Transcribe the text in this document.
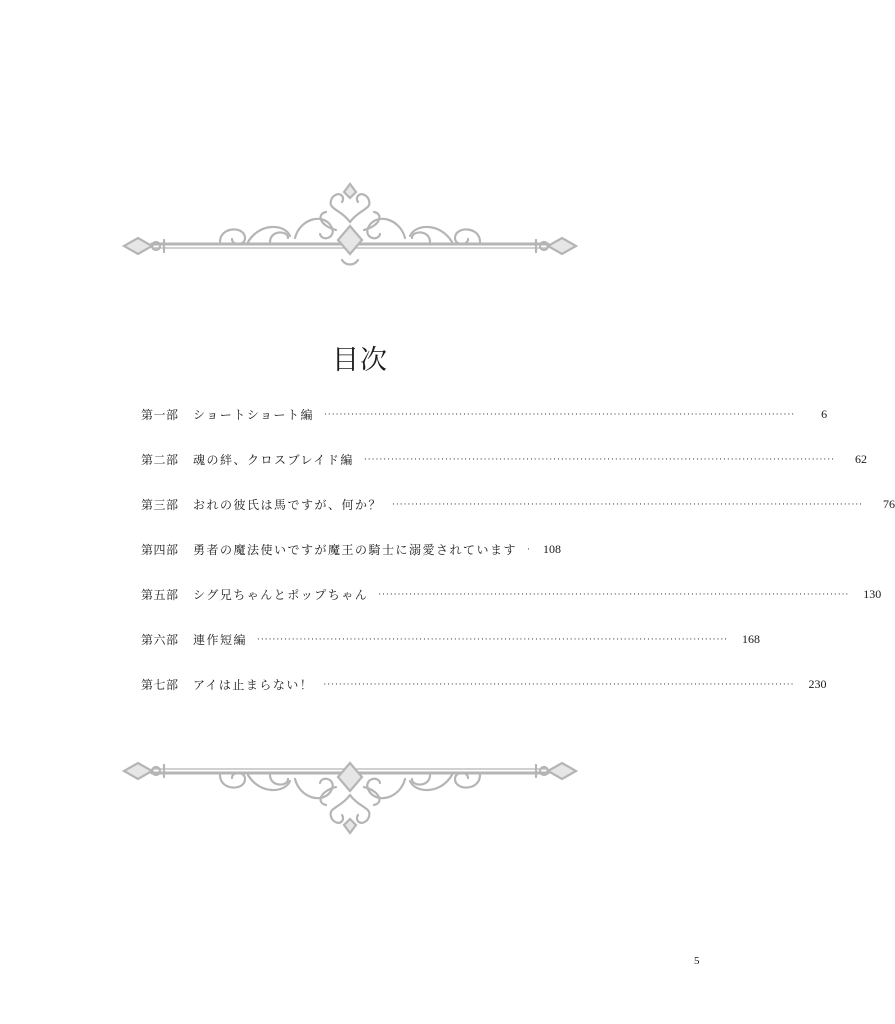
目次
第一部	ショートショート編 ··························································································································	6
第二部	魂の絆、クロスブレイド編 ··························································································································	62
第三部	おれの彼氏は馬ですが、何か？ ··························································································································	76
第四部	勇者の魔法使いですが魔王の騎士に溺愛されています	108
第五部	シグ兄ちゃんとポップちゃん ··························································································································	130
第六部	連作短編 ··························································································································	168
第七部	アイは止まらない！ ··························································································································	230
5
